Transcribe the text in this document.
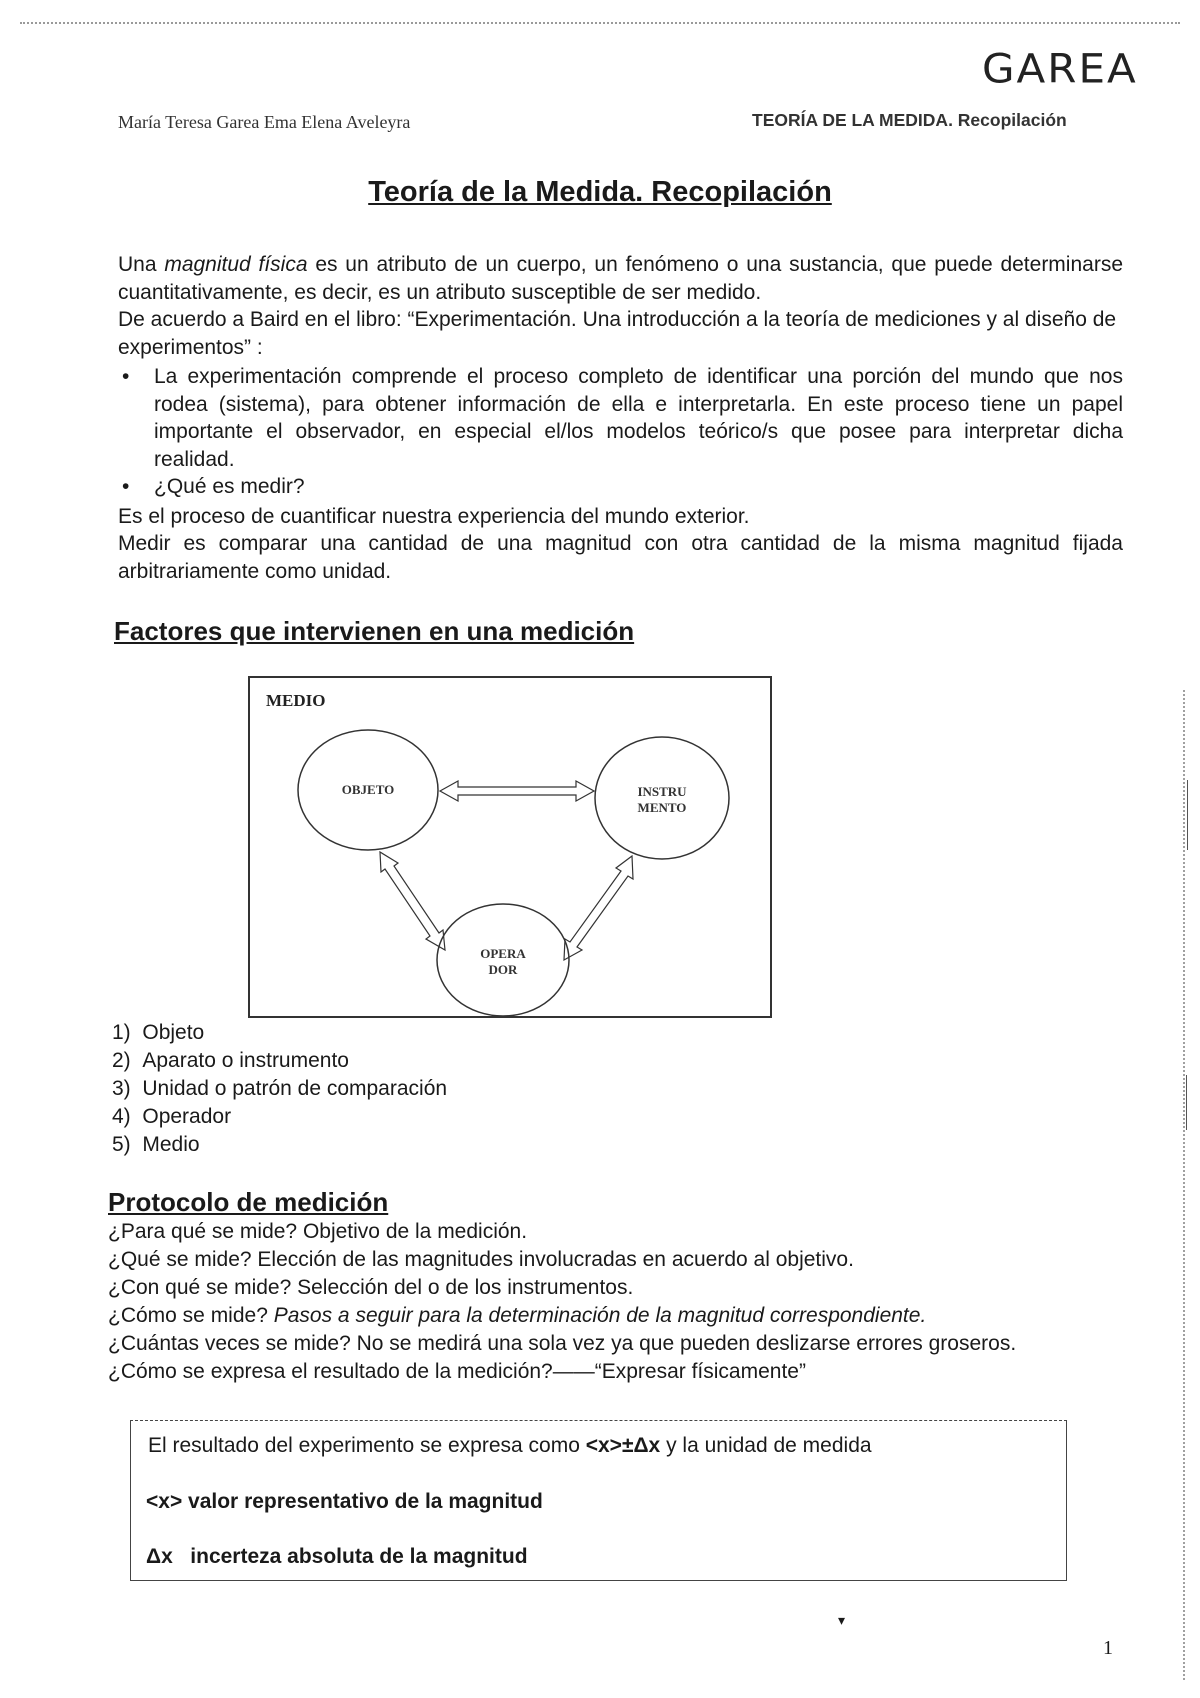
GAREA
María Teresa Garea Ema Elena Aveleyra	TEORÍA DE LA MEDIDA. Recopilación
Teoría de la Medida. Recopilación
Una magnitud física es un atributo de un cuerpo, un fenómeno o una sustancia, que puede determinarse cuantitativamente, es decir, es un atributo susceptible de ser medido.
De acuerdo a Baird en el libro: “Experimentación. Una introducción a la teoría de mediciones y al diseño de experimentos” :
• La experimentación comprende el proceso completo de identificar una porción del mundo que nos rodea (sistema), para obtener información de ella e interpretarla. En este proceso tiene un papel importante el observador, en especial el/los modelos teórico/s que posee para interpretar dicha realidad.
• ¿Qué es medir?
Es el proceso de cuantificar nuestra experiencia del mundo exterior.
Medir es comparar una cantidad de una magnitud con otra cantidad de la misma magnitud fijada arbitrariamente como unidad.
Factores que intervienen en una medición
MEDIO
OBJETO	INSTRU
MENTO
OPERA
DOR
1) Objeto
2) Aparato o instrumento
3) Unidad o patrón de comparación
4) Operador
5) Medio
Protocolo de medición
¿Para qué se mide? Objetivo de la medición.
¿Qué se mide? Elección de las magnitudes involucradas en acuerdo al objetivo.
¿Con qué se mide? Selección del o de los instrumentos.
¿Cómo se mide? Pasos a seguir para la determinación de la magnitud correspondiente.
¿Cuántas veces se mide? No se medirá una sola vez ya que pueden deslizarse errores groseros.
¿Cómo se expresa el resultado de la medición?——“Expresar físicamente”
El resultado del experimento se expresa como <x>±Δx y la unidad de medida
<x> valor representativo de la magnitud
Δx   incerteza absoluta de la magnitud
▾
1
